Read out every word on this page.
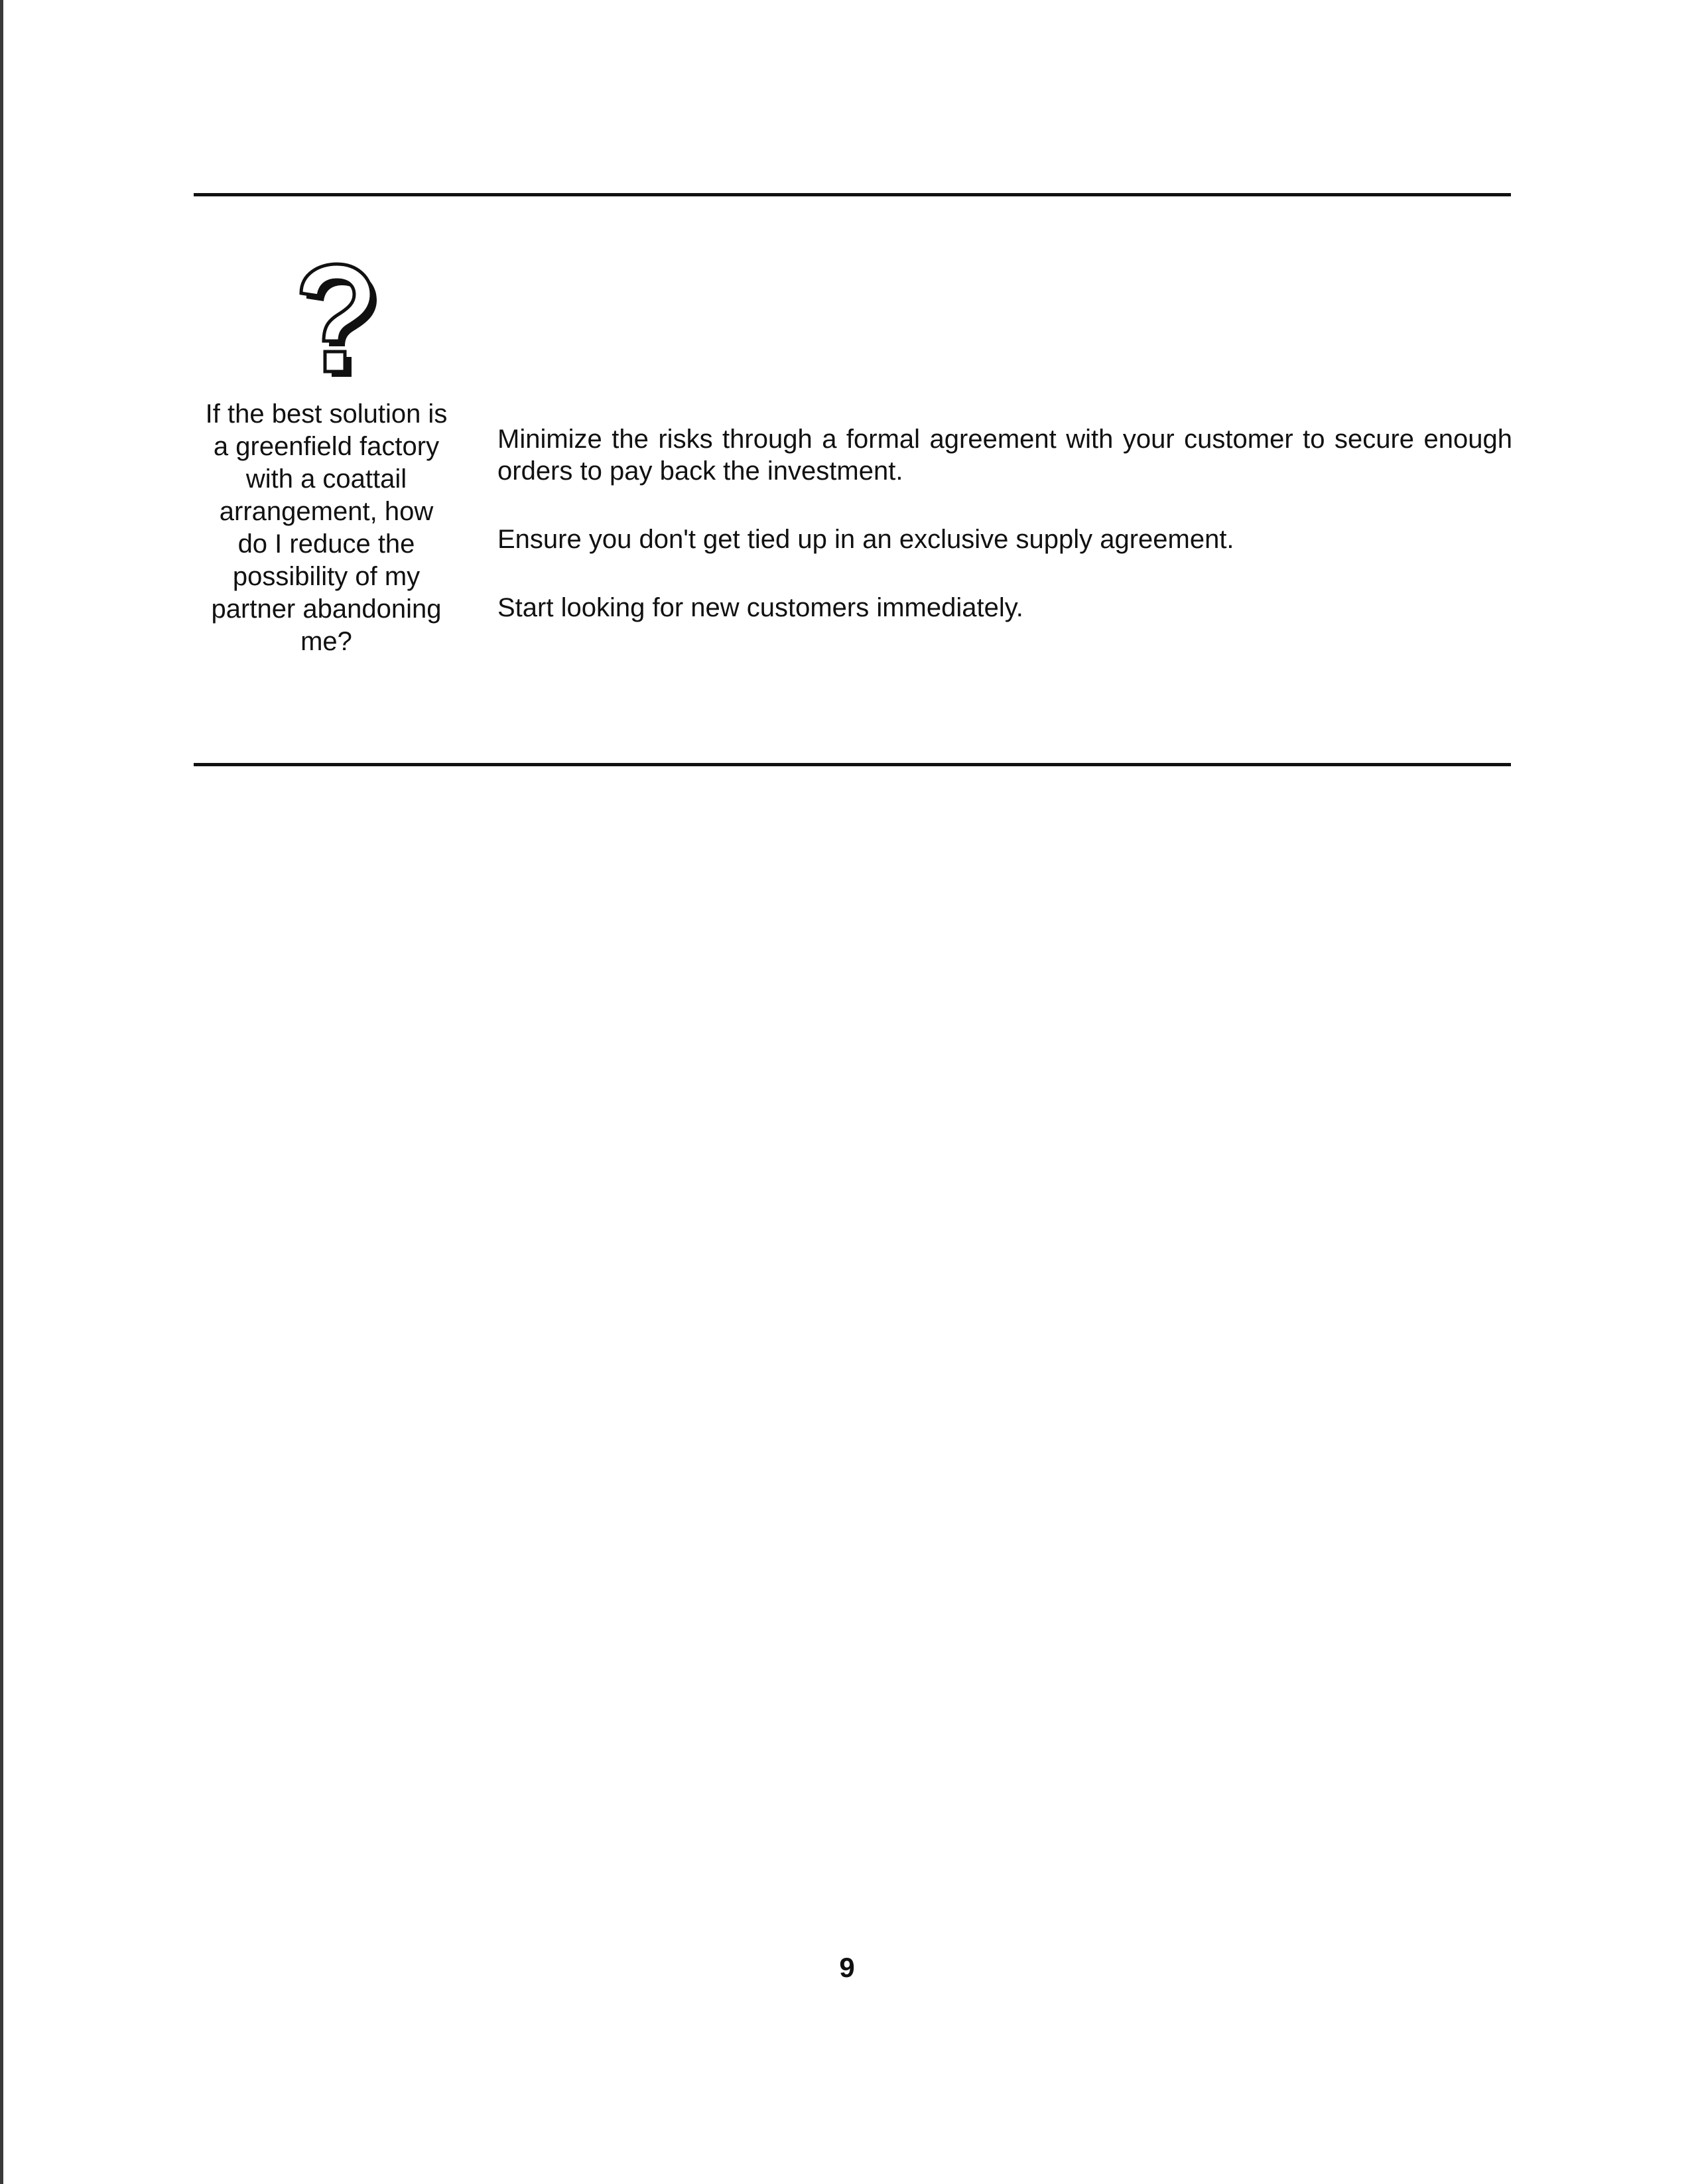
If the best solution is
a greenfield factory
with a coattail
arrangement, how
do I reduce the
possibility of my
partner abandoning
me?

Minimize the risks through a formal agreement with your customer to secure enough orders to pay back the investment.

Ensure you don't get tied up in an exclusive supply agreement.

Start looking for new customers immediately.

9
